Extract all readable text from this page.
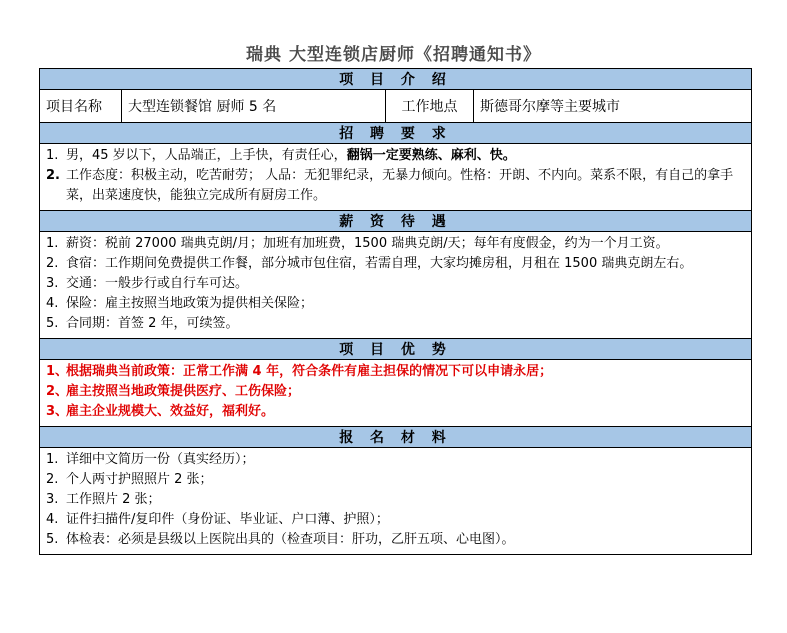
瑞典 大型连锁店厨师《招聘通知书》
项 目 介 绍
项目名称	大型连锁餐馆 厨师 5 名	工作地点	斯德哥尔摩等主要城市
招 聘 要 求

1. 男，45 岁以下，人品端正，上手快，有责任心，翻锅一定要熟练、麻利、快。
2. 工作态度：积极主动，吃苦耐劳； 人品：无犯罪纪录，无暴力倾向。性格：开朗、不内向。菜系不限，有自己的拿手菜，出菜速度快，能独立完成所有厨房工作。

薪 资 待 遇

1. 薪资：税前 27000 瑞典克朗/月；加班有加班费，1500 瑞典克朗/天；每年有度假金，约为一个月工资。
2. 食宿：工作期间免费提供工作餐，部分城市包住宿，若需自理，大家均摊房租，月租在 1500 瑞典克朗左右。
3. 交通：一般步行或自行车可达。
4. 保险：雇主按照当地政策为提供相关保险；
5. 合同期：首签 2 年，可续签。

项 目 优 势

1、
根据瑞典当前政策：正常工作满 4 年，符合条件有雇主担保的情况下可以申请永居；
2、
雇主按照当地政策提供医疗、工伤保险；
3、
雇主企业规模大、效益好，福利好。

报 名 材 料

1. 详细中文简历一份（真实经历）；
2. 个人两寸护照照片 2 张；
3. 工作照片 2 张；
4. 证件扫描件/复印件（身份证、毕业证、户口薄、护照）；
5. 体检表：必须是县级以上医院出具的（检查项目：肝功，乙肝五项、心电图）。
